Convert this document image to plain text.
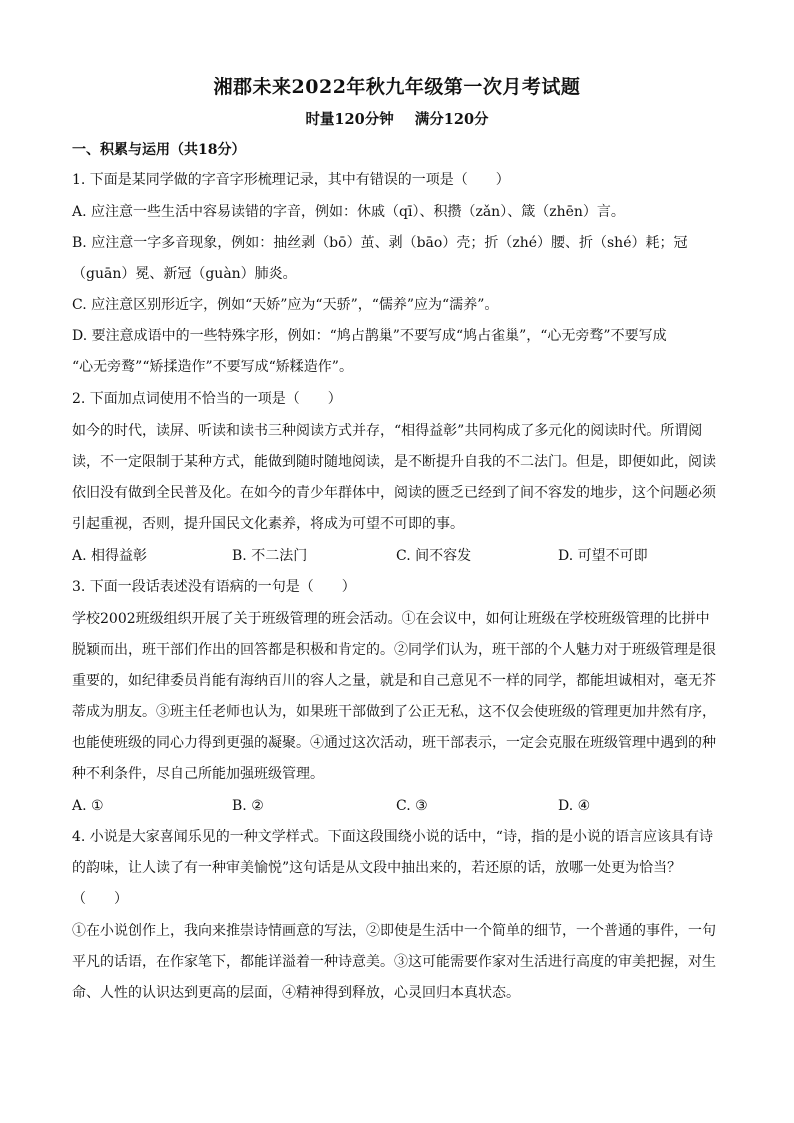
湘郡未来2022年秋九年级第一次月考试题
时量120分钟 满分120分
一、积累与运用（共18分）
1. 下面是某同学做的字音字形梳理记录，其中有错误的一项是（　　）
A. 应注意一些生活中容易读错的字音，例如：休戚（qī）、积攒（zǎn）、箴（zhēn）言。
B. 应注意一字多音现象，例如：抽丝剥（bō）茧、剥（bāo）壳；折（zhé）腰、折（shé）耗；冠
（guān）冕、新冠（guàn）肺炎。
C. 应注意区别形近字，例如“天娇”应为“天骄”，“儒养”应为“濡养”。
D. 要注意成语中的一些特殊字形，例如：“鸠占鹊巢”不要写成“鸠占雀巢”，“心无旁骛”不要写成
“心无旁鹜”“矫揉造作”不要写成“矫糅造作”。
2. 下面加点词使用不恰当的一项是（　　）
如今的时代，读屏、听读和读书三种阅读方式并存，“相得益彰”共同构成了多元化的阅读时代。所谓阅
读，不一定限制于某种方式，能做到随时随地阅读，是不断提升自我的不二法门。但是，即便如此，阅读
依旧没有做到全民普及化。在如今的青少年群体中，阅读的匮乏已经到了间不容发的地步，这个问题必须
引起重视，否则，提升国民文化素养，将成为可望不可即的事。
A. 相得益彰	B. 不二法门	C. 间不容发	D. 可望不可即
3. 下面一段话表述没有语病的一句是（　　）
学校2002班级组织开展了关于班级管理的班会活动。①在会议中，如何让班级在学校班级管理的比拼中
脱颖而出，班干部们作出的回答都是积极和肯定的。②同学们认为，班干部的个人魅力对于班级管理是很
重要的，如纪律委员肖能有海纳百川的容人之量，就是和自己意见不一样的同学，都能坦诚相对，毫无芥
蒂成为朋友。③班主任老师也认为，如果班干部做到了公正无私，这不仅会使班级的管理更加井然有序，
也能使班级的同心力得到更强的凝聚。④通过这次活动，班干部表示，一定会克服在班级管理中遇到的种
种不利条件，尽自己所能加强班级管理。
A. ①	B. ②	C. ③	D. ④
4. 小说是大家喜闻乐见的一种文学样式。下面这段围绕小说的话中，“诗，指的是小说的语言应该具有诗
的韵味，让人读了有一种审美愉悦”这句话是从文段中抽出来的，若还原的话，放哪一处更为恰当？
（　　）
①在小说创作上，我向来推崇诗情画意的写法，②即使是生活中一个简单的细节，一个普通的事件，一句
平凡的话语，在作家笔下，都能详溢着一种诗意美。③这可能需要作家对生活进行高度的审美把握，对生
命、人性的认识达到更高的层面，④精神得到释放，心灵回归本真状态。
